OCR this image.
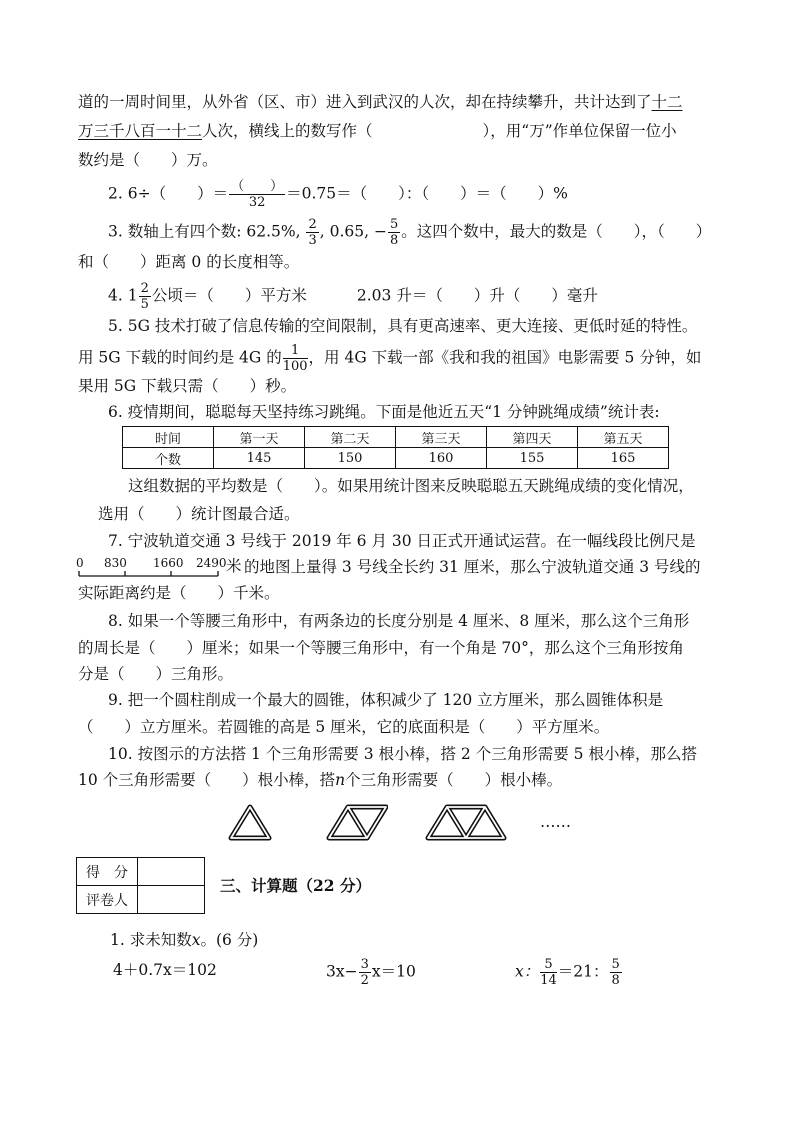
道的一周时间里，从外省（区、市）进入到武汉的人次，却在持续攀升，共计达到了十二
万三千八百一十二人次，横线上的数写作（	），用“万”作单位保留一位小
数约是（　　）万。
2. 6÷（　　）＝ $\frac{( )}{32} =0.75=$（　　）：（　　）＝（　　）%
3. 数轴上有四个数: 62.5%, $\frac{2}{3}$ , 0.65, − $\frac{5}{8}$ 。这四个数中，最大的数是（　　），（　　）
和（　　）距离 0 的长度相等。
4. $1 \frac{2}{5}$ 公顷＝（　　）平方米	2.03 升＝（　　）升（　　）毫升
5. 5G 技术打破了信息传输的空间限制，具有更高速率、更大连接、更低时延的特性。
用 5G 下载的时间约是 4G 的 $\frac{1}{100}$ ，用 4G 下载一部《我和我的祖国》电影需要 5 分钟，如
果用 5G 下载只需（　　）秒。
6. 疫情期间，聪聪每天坚持练习跳绳。下面是他近五天“1 分钟跳绳成绩”统计表:
时间	第一天	第二天	第三天	第四天	第五天
个数	145	150	160	155	165
这组数据的平均数是（　　）。如果用统计图来反映聪聪五天跳绳成绩的变化情况，
选用（　　）统计图最合适。
7. 宁波轨道交通 3 号线于 2019 年 6 月 30 日正式开通试运营。在一幅线段比例尺是
0 830 1660 2490 米 的地图上量得 3 号线全长约 31 厘米，那么宁波轨道交通 3 号线的
实际距离约是（　　）千米。
8. 如果一个等腰三角形中，有两条边的长度分别是 4 厘米、8 厘米，那么这个三角形
的周长是（　　）厘米；如果一个等腰三角形中，有一个角是 70°，那么这个三角形按角
分是（　　）三角形。
9. 把一个圆柱削成一个最大的圆锥，体积减少了 120 立方厘米，那么圆锥体积是
（　　）立方厘米。若圆锥的高是 5 厘米，它的底面积是（　　）平方厘米。
10. 按图示的方法搭 1 个三角形需要 3 根小棒，搭 2 个三角形需要 5 根小棒，那么搭
10 个三角形需要（　　）根小棒，搭n个三角形需要（　　）根小棒。
……
得　分	
评卷人	
三、计算题（22 分）
1. 求未知数x。(6 分)
4＋0.7x＝102	$3x- \frac{3}{2} x=10$	x： $\frac{5}{14} =21$： $\frac{5}{8}$
